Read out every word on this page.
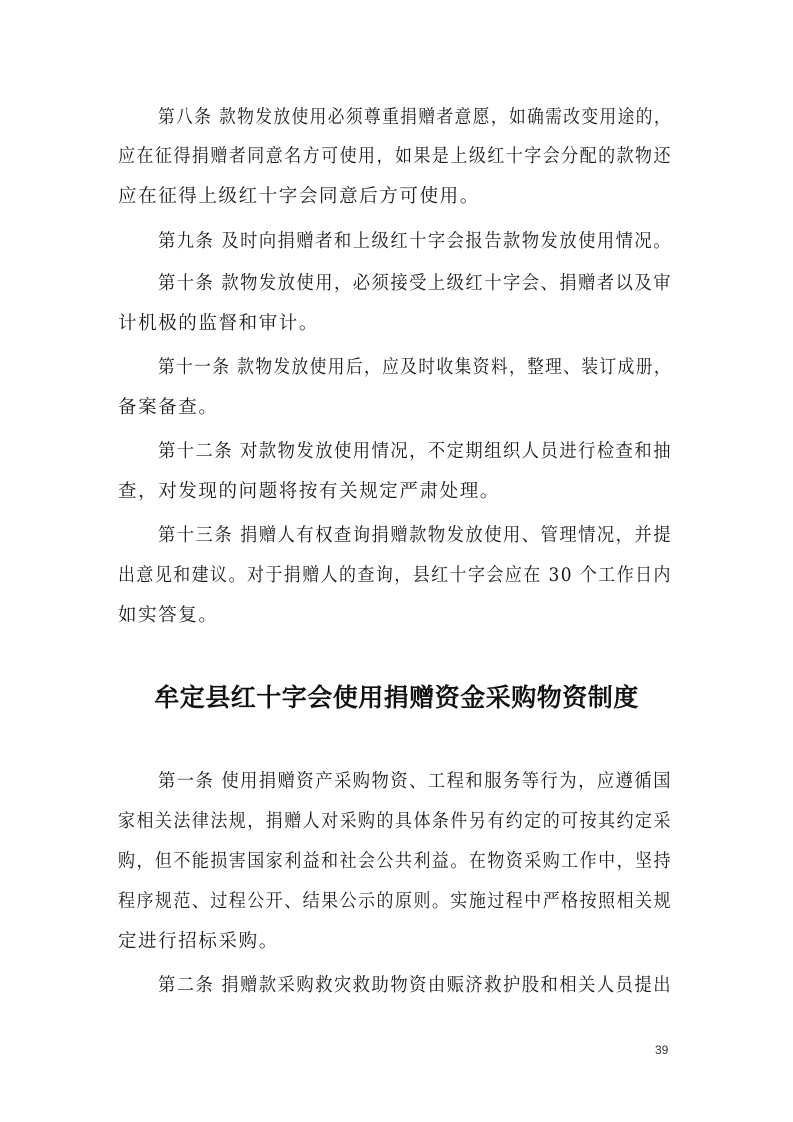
第八条 款物发放使用必须尊重捐赠者意愿，如确需改变用途的，
应在征得捐赠者同意名方可使用，如果是上级红十字会分配的款物还
应在征得上级红十字会同意后方可使用。
第九条 及时向捐赠者和上级红十字会报告款物发放使用情况。
第十条 款物发放使用，必须接受上级红十字会、捐赠者以及审
计机极的监督和审计。
第十一条 款物发放使用后，应及时收集资料，整理、装订成册，
备案备查。
第十二条 对款物发放使用情况，不定期组织人员进行检查和抽
查，对发现的问题将按有关规定严肃处理。
第十三条 捐赠人有权查询捐赠款物发放使用、管理情况，并提
出意见和建议。对于捐赠人的查询，县红十字会应在 30 个工作日内
如实答复。
牟定县红十字会使用捐赠资金采购物资制度
第一条 使用捐赠资产采购物资、工程和服务等行为，应遵循国
家相关法律法规，捐赠人对采购的具体条件另有约定的可按其约定采
购，但不能损害国家利益和社会公共利益。在物资采购工作中，坚持
程序规范、过程公开、结果公示的原则。实施过程中严格按照相关规
定进行招标采购。
第二条 捐赠款采购救灾救助物资由赈济救护股和相关人员提出
39
